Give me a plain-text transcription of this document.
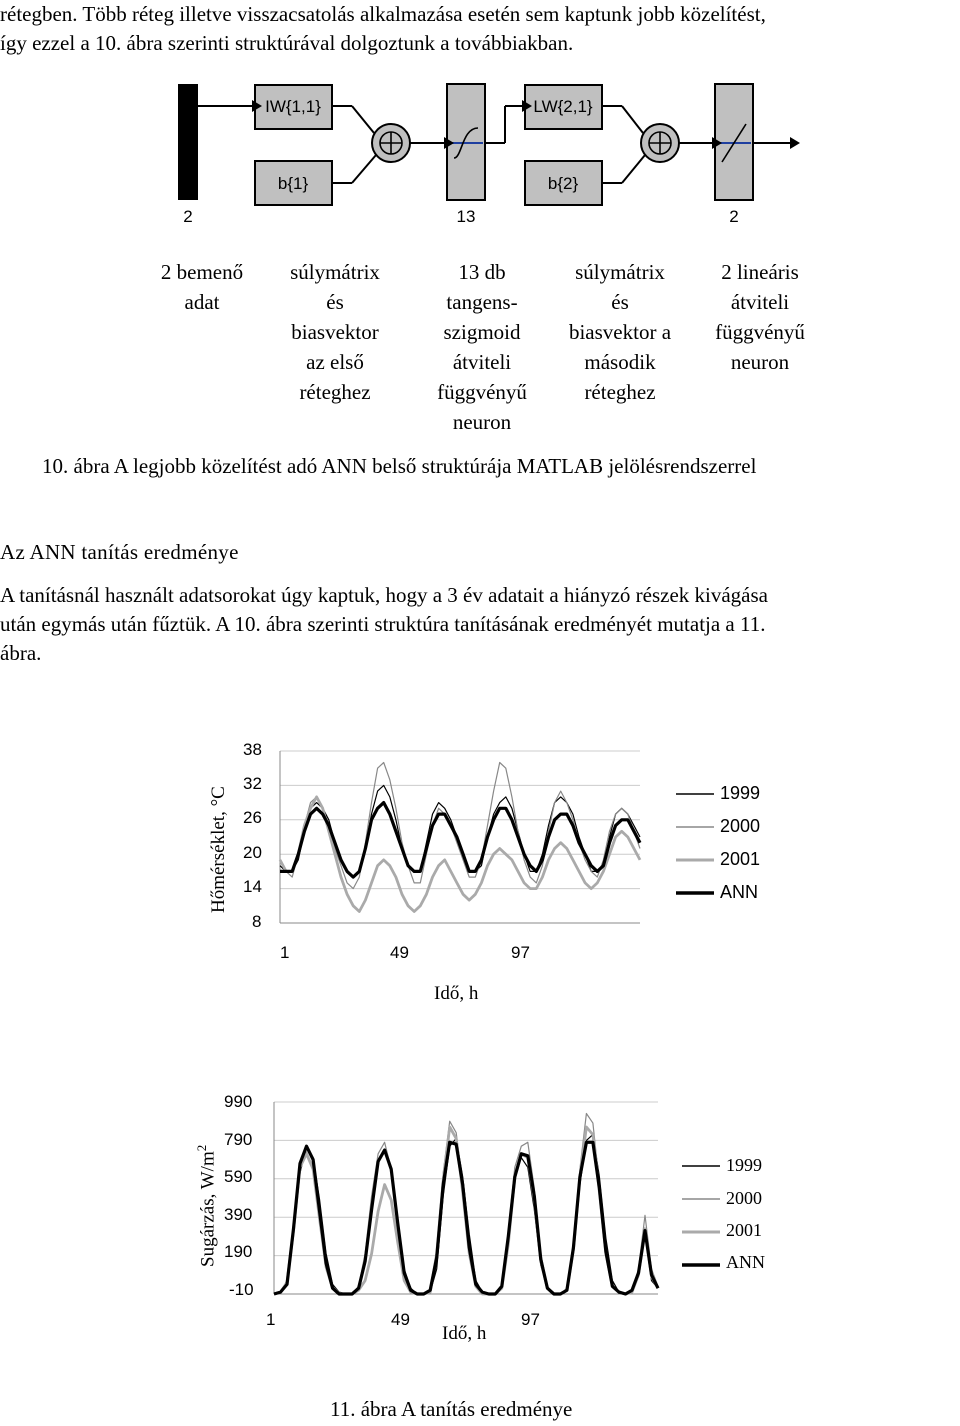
rétegben. Több réteg illetve visszacsatolás alkalmazása esetén sem kaptunk jobb közelítést,
így ezzel a 10. ábra szerinti struktúrával dolgoztunk a továbbiakban.
IW{1,1}
b{1}
LW{2,1}
b{2}
2	13	2
2 bemenő
adat
súlymátrix
és
biasvektor
az első
réteghez
13 db
tangens-
szigmoid
átviteli
függvényű
neuron
súlymátrix
és
biasvektor a
második
réteghez
2 lineáris
átviteli
függvényű
neuron
10. ábra A legjobb közelítést adó ANN belső struktúrája MATLAB jelölésrendszerrel
Az ANN tanítás eredménye
A tanításnál használt adatsorokat úgy kaptuk, hogy a 3 év adatait a hiányzó részek kivágása
után egymás után fűztük. A 10. ábra szerinti struktúra tanításának eredményét mutatja a 11.
ábra.
Hőmérséklet, °C
38
32
26
20
14
8
1	49	97
Idő, h
1999
2000
2001
ANN
Sugárzás, $W/m^2$
990
790
590
390
190
-10
1	49	97
Idő, h
1999
2000
2001
ANN
11. ábra A tanítás eredménye
